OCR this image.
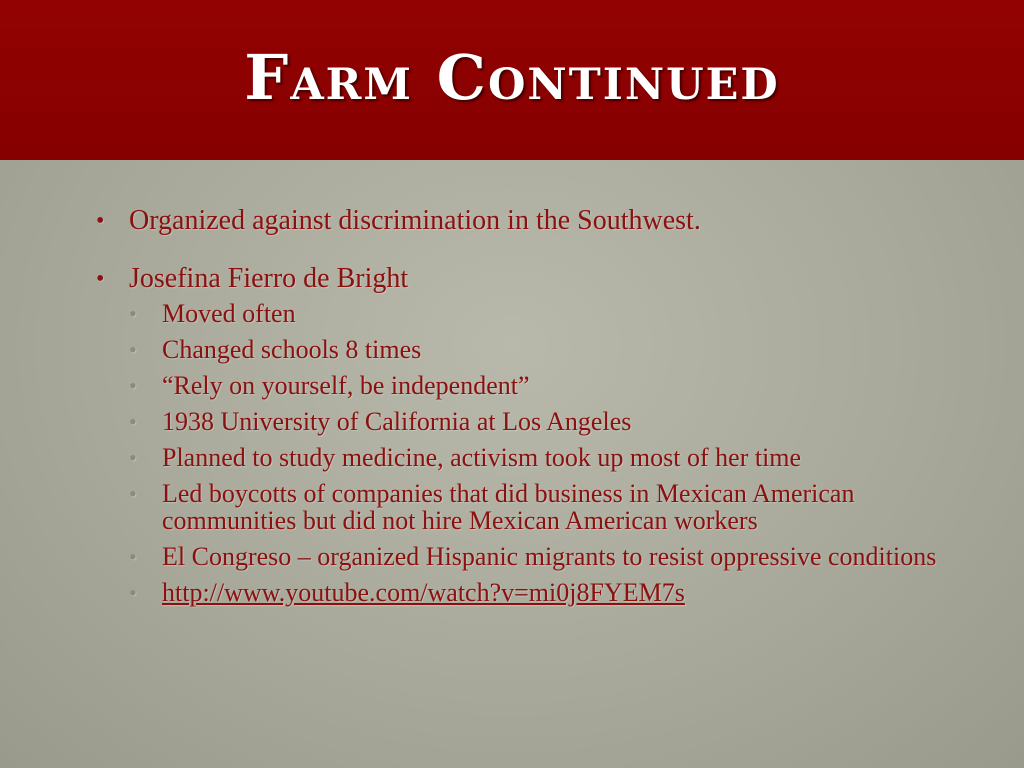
Farm Continued
• Organized against discrimination in the Southwest.
• Josefina Fierro de Bright
• Moved often
• Changed schools 8 times
• “Rely on yourself, be independent”
• 1938 University of California at Los Angeles
• Planned to study medicine, activism took up most of her time
• Led boycotts of companies that did business in Mexican American communities but did not hire Mexican American workers
• El Congreso – organized Hispanic migrants to resist oppressive conditions
• http://www.youtube.com/watch?v=mi0j8FYEM7s
